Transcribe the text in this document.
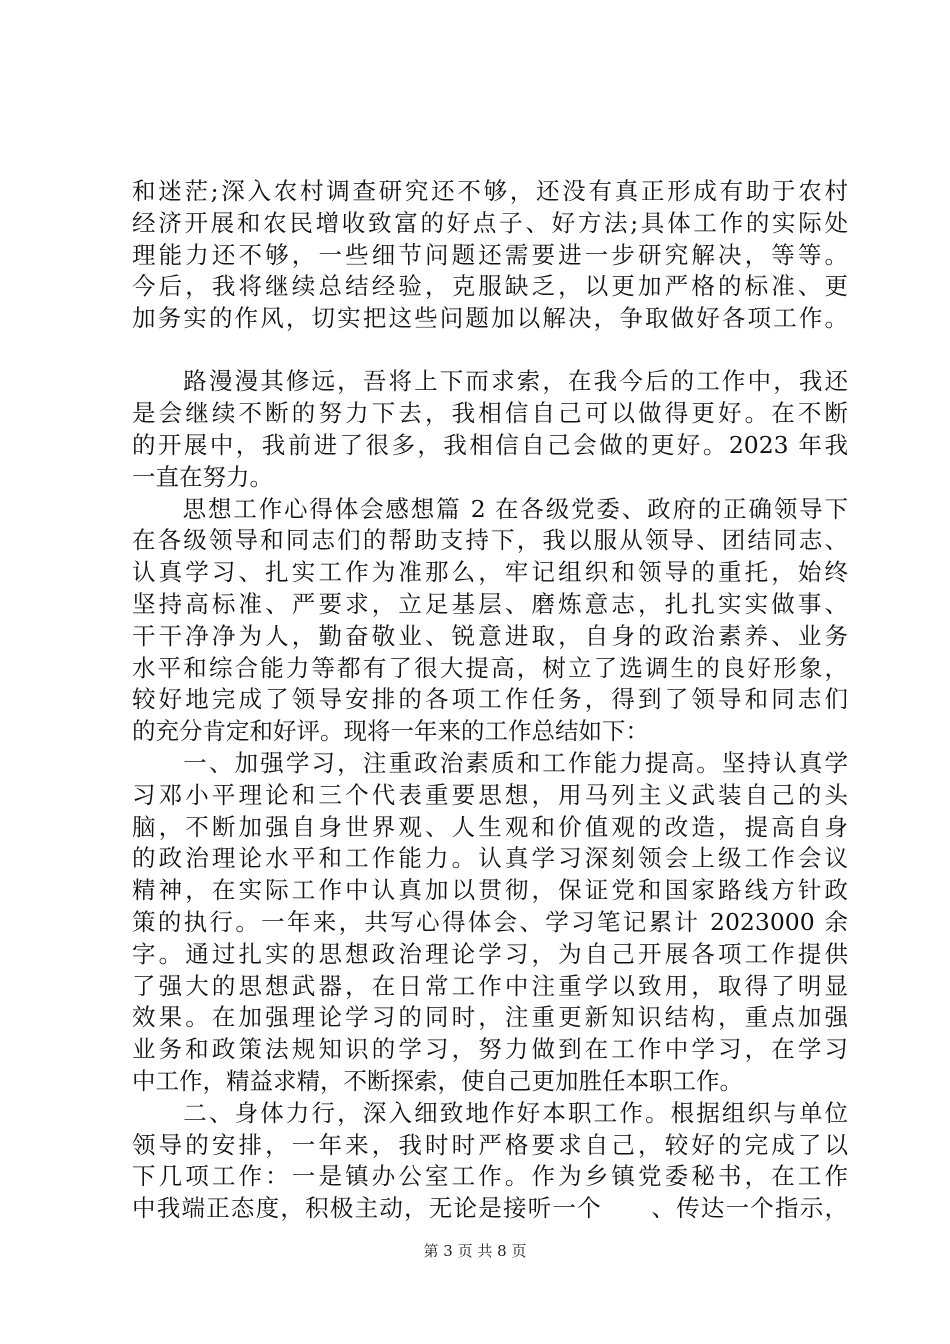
和迷茫;深入农村调查研究还不够，还没有真正形成有助于农村
经济开展和农民增收致富的好点子、好方法;具体工作的实际处
理能力还不够，一些细节问题还需要进一步研究解决，等等。
今后，我将继续总结经验，克服缺乏，以更加严格的标准、更
加务实的作风，切实把这些问题加以解决，争取做好各项工作。
　　路漫漫其修远，吾将上下而求索，在我今后的工作中，我还
是会继续不断的努力下去，我相信自己可以做得更好。在不断
的开展中，我前进了很多，我相信自己会做的更好。2023 年我
一直在努力。
　　思想工作心得体会感想篇 2 在各级党委、政府的正确领导下
在各级领导和同志们的帮助支持下，我以服从领导、团结同志、
认真学习、扎实工作为准那么，牢记组织和领导的重托，始终
坚持高标准、严要求，立足基层、磨炼意志，扎扎实实做事、
干干净净为人，勤奋敬业、锐意进取，自身的政治素养、业务
水平和综合能力等都有了很大提高，树立了选调生的良好形象，
较好地完成了领导安排的各项工作任务，得到了领导和同志们
的充分肯定和好评。现将一年来的工作总结如下：
　　一、加强学习，注重政治素质和工作能力提高。坚持认真学
习邓小平理论和三个代表重要思想，用马列主义武装自己的头
脑，不断加强自身世界观、人生观和价值观的改造，提高自身
的政治理论水平和工作能力。认真学习深刻领会上级工作会议
精神，在实际工作中认真加以贯彻，保证党和国家路线方针政
策的执行。一年来，共写心得体会、学习笔记累计 2023000 余
字。通过扎实的思想政治理论学习，为自己开展各项工作提供
了强大的思想武器，在日常工作中注重学以致用，取得了明显
效果。在加强理论学习的同时，注重更新知识结构，重点加强
业务和政策法规知识的学习，努力做到在工作中学习，在学习
中工作，精益求精，不断探索，使自己更加胜任本职工作。
　　二、身体力行，深入细致地作好本职工作。根据组织与单位
领导的安排，一年来，我时时严格要求自己，较好的完成了以
下几项工作：一是镇办公室工作。作为乡镇党委秘书，在工作
中我端正态度，积极主动，无论是接听一个　　、传达一个指示，
第 3 页 共 8 页
